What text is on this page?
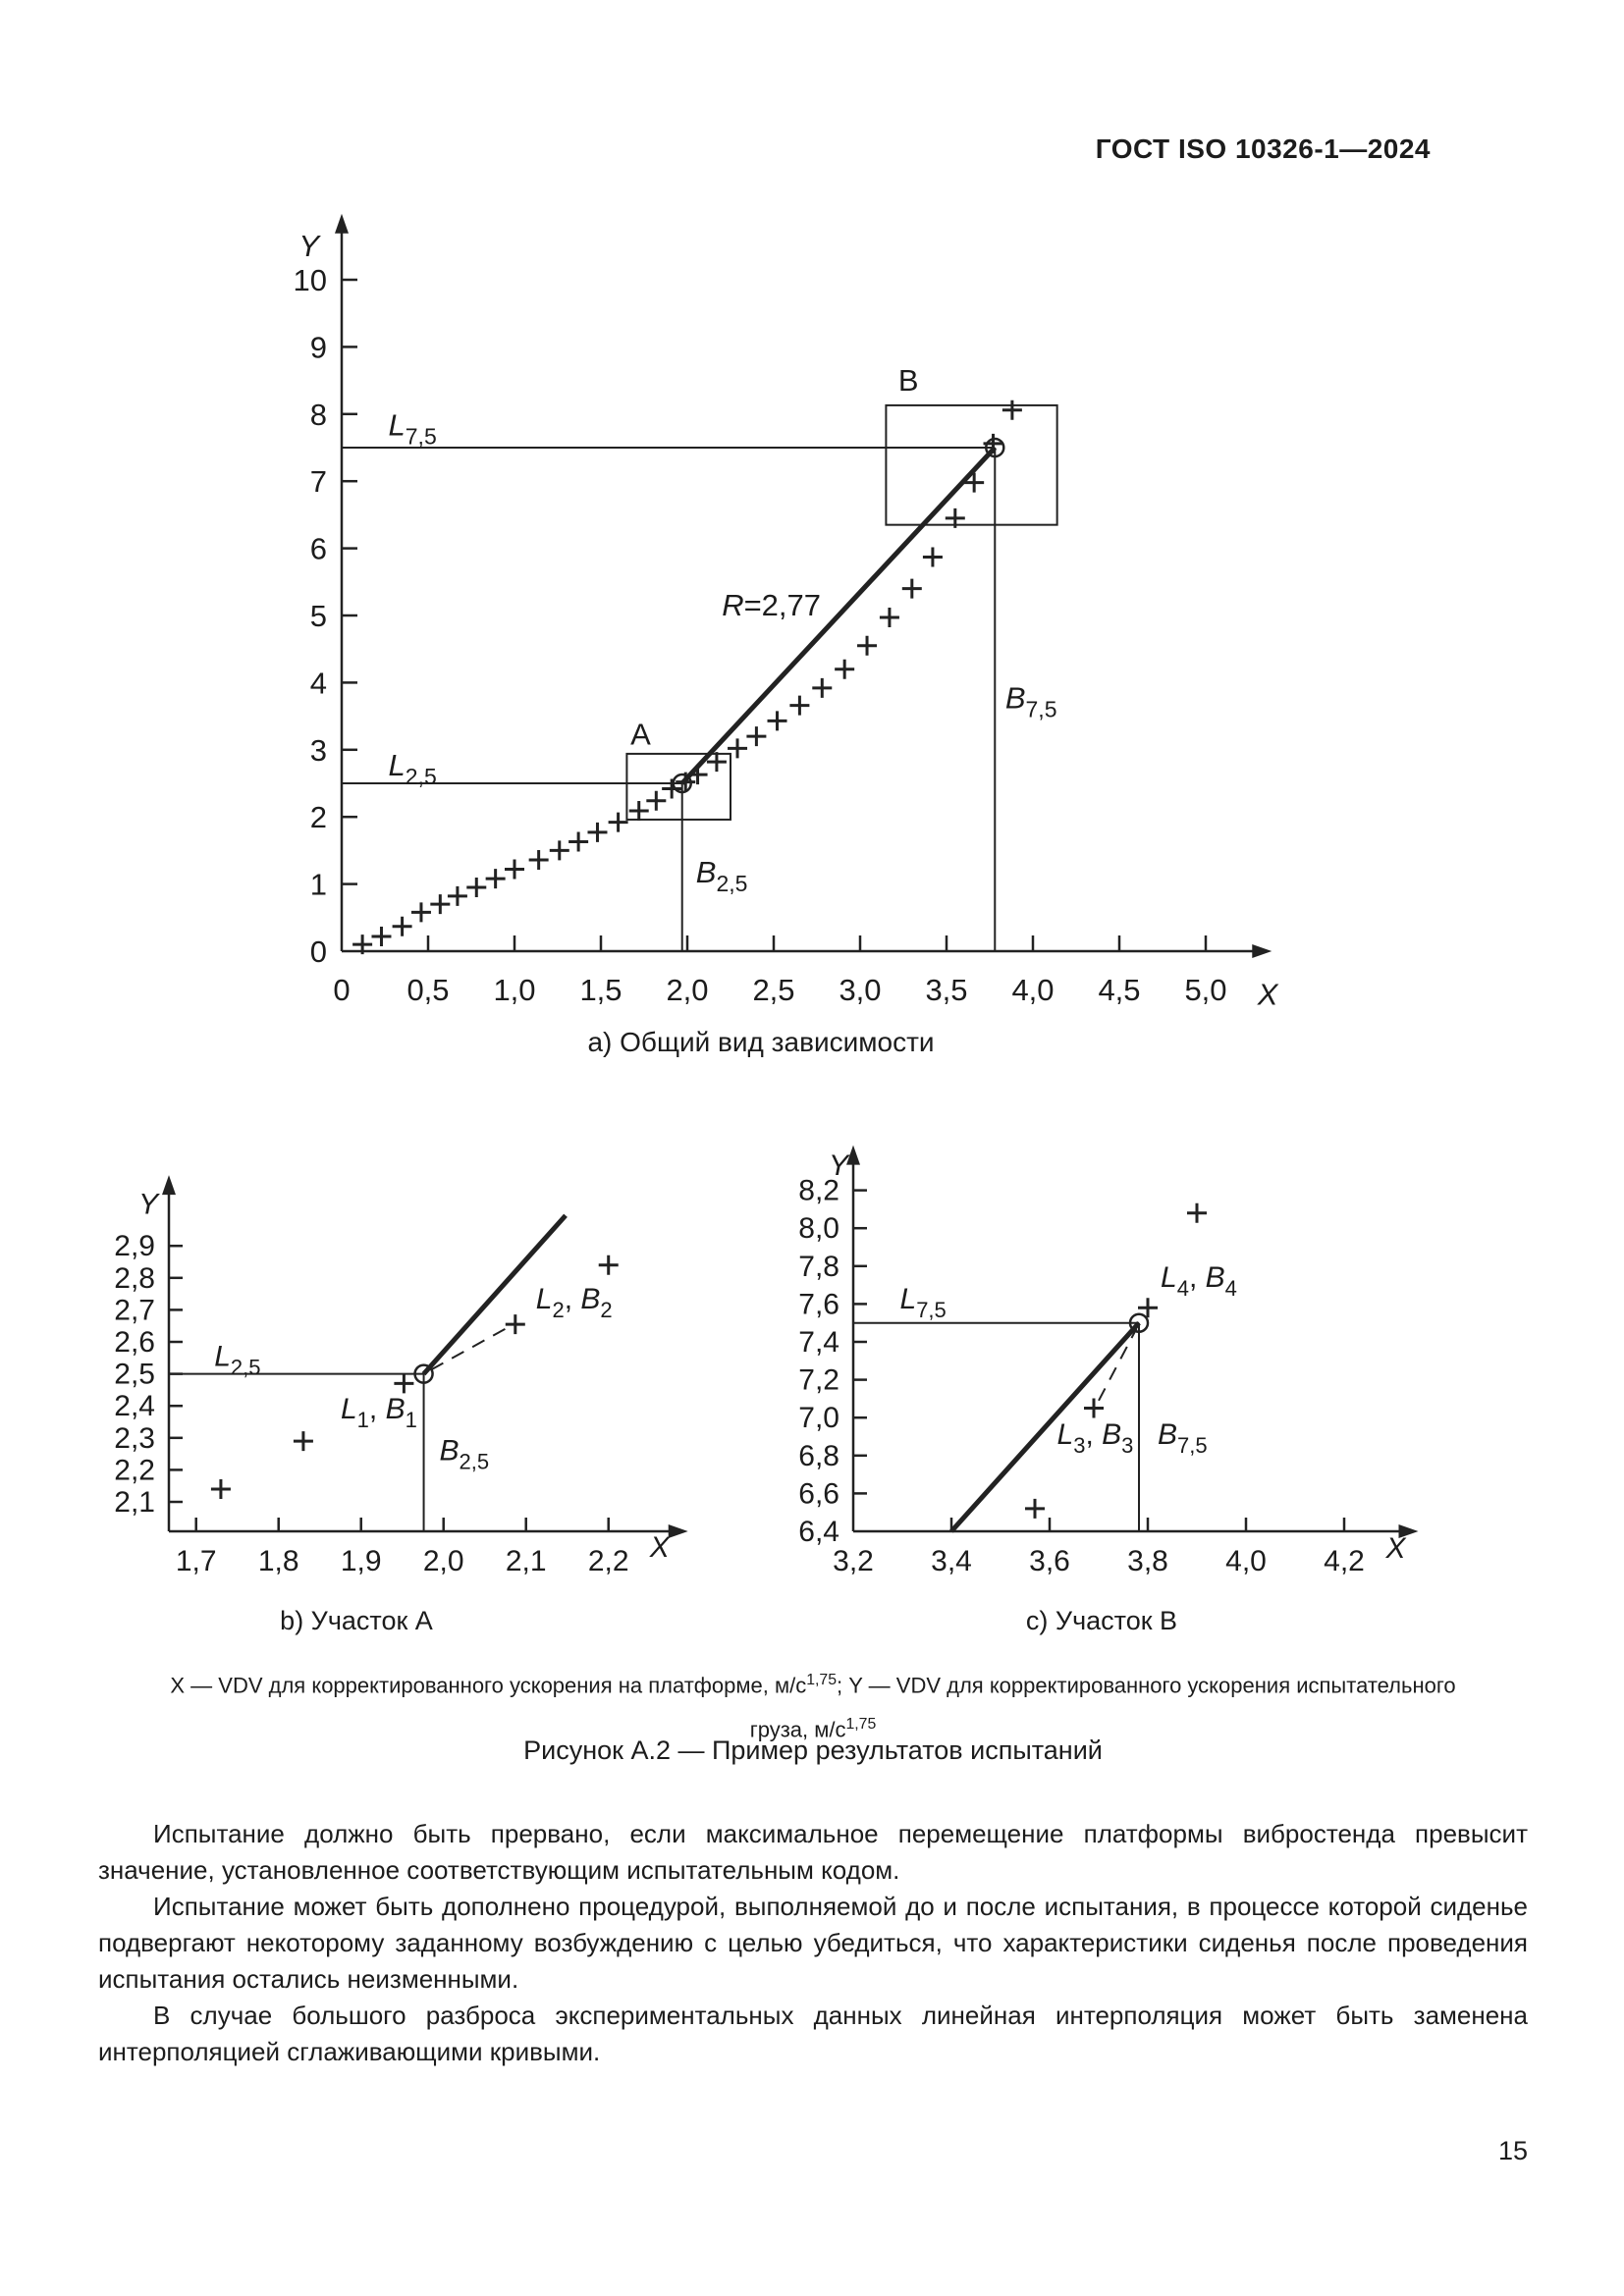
ГОСТ ISO 10326-1—2024
0 0,5 1,0 1,5 2,0 2,5 3,0 3,5 4,0 4,5 5,0
0
1
2
3
4
5
6
7
8
9
10
Y
X
$L_{7,5}$
$L_{2,5}$
$B_{7,5}$
$B_{2,5}$
R=2,77
A
B
а) Общий вид зависимости
1,7 1,8 1,9 2,0 2,1 2,2
2,1
2,2
2,3
2,4
2,5
2,6
2,7
2,8
2,9
Y
X
$L_{2,5}$
$L_1$, $B_1$
$L_2$, $B_2$
$B_{2,5}$
3,2 3,4 3,6 3,8 4,0 4,2
6,4
6,6
6,8
7,0
7,2
7,4
7,6
7,8
8,0
8,2
Y
X
$L_{7,5}$
$L_3$, $B_3$ $B_{7,5}$
$L_4$, $B_4$
b) Участок А	c) Участок В
X — VDV для корректированного ускорения на платформе, $м/с^{1,75}$; Y — VDV для корректированного ускорения испытательного
груза, $м/с^{1,75}$
Рисунок А.2 — Пример результатов испытаний

Испытание должно быть прервано, если максимальное перемещение платформы вибростенда превысит значение, установленное соответствующим испытательным кодом.

Испытание может быть дополнено процедурой, выполняемой до и после испытания, в процессе которой сиденье подвергают некоторому заданному возбуждению с целью убедиться, что характеристики сиденья после проведения испытания остались неизменными.

В случае большого разброса экспериментальных данных линейная интерполяция может быть заменена интерполяцией сглаживающими кривыми.

15
